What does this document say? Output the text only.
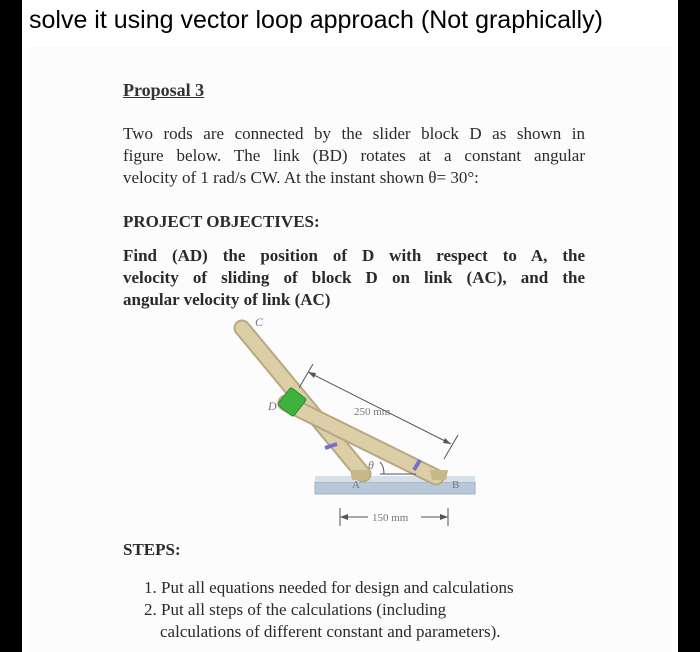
solve it using vector loop approach (Not graphically)
Proposal 3
Two rods are connected by the slider block D as shown in
figure below. The link (BD) rotates at a constant angular
velocity of 1 rad/s CW. At the instant shown θ= 30°:
PROJECT OBJECTIVES:
Find (AD) the position of D with respect to A, the
velocity of sliding of block D on link (AC), and the
angular velocity of link (AC)
C
D
A	B
θ
250 mm
150 mm
STEPS:
1. Put all equations needed for design and calculations
2. Put all steps of the calculations (including
calculations of different constant and parameters).
